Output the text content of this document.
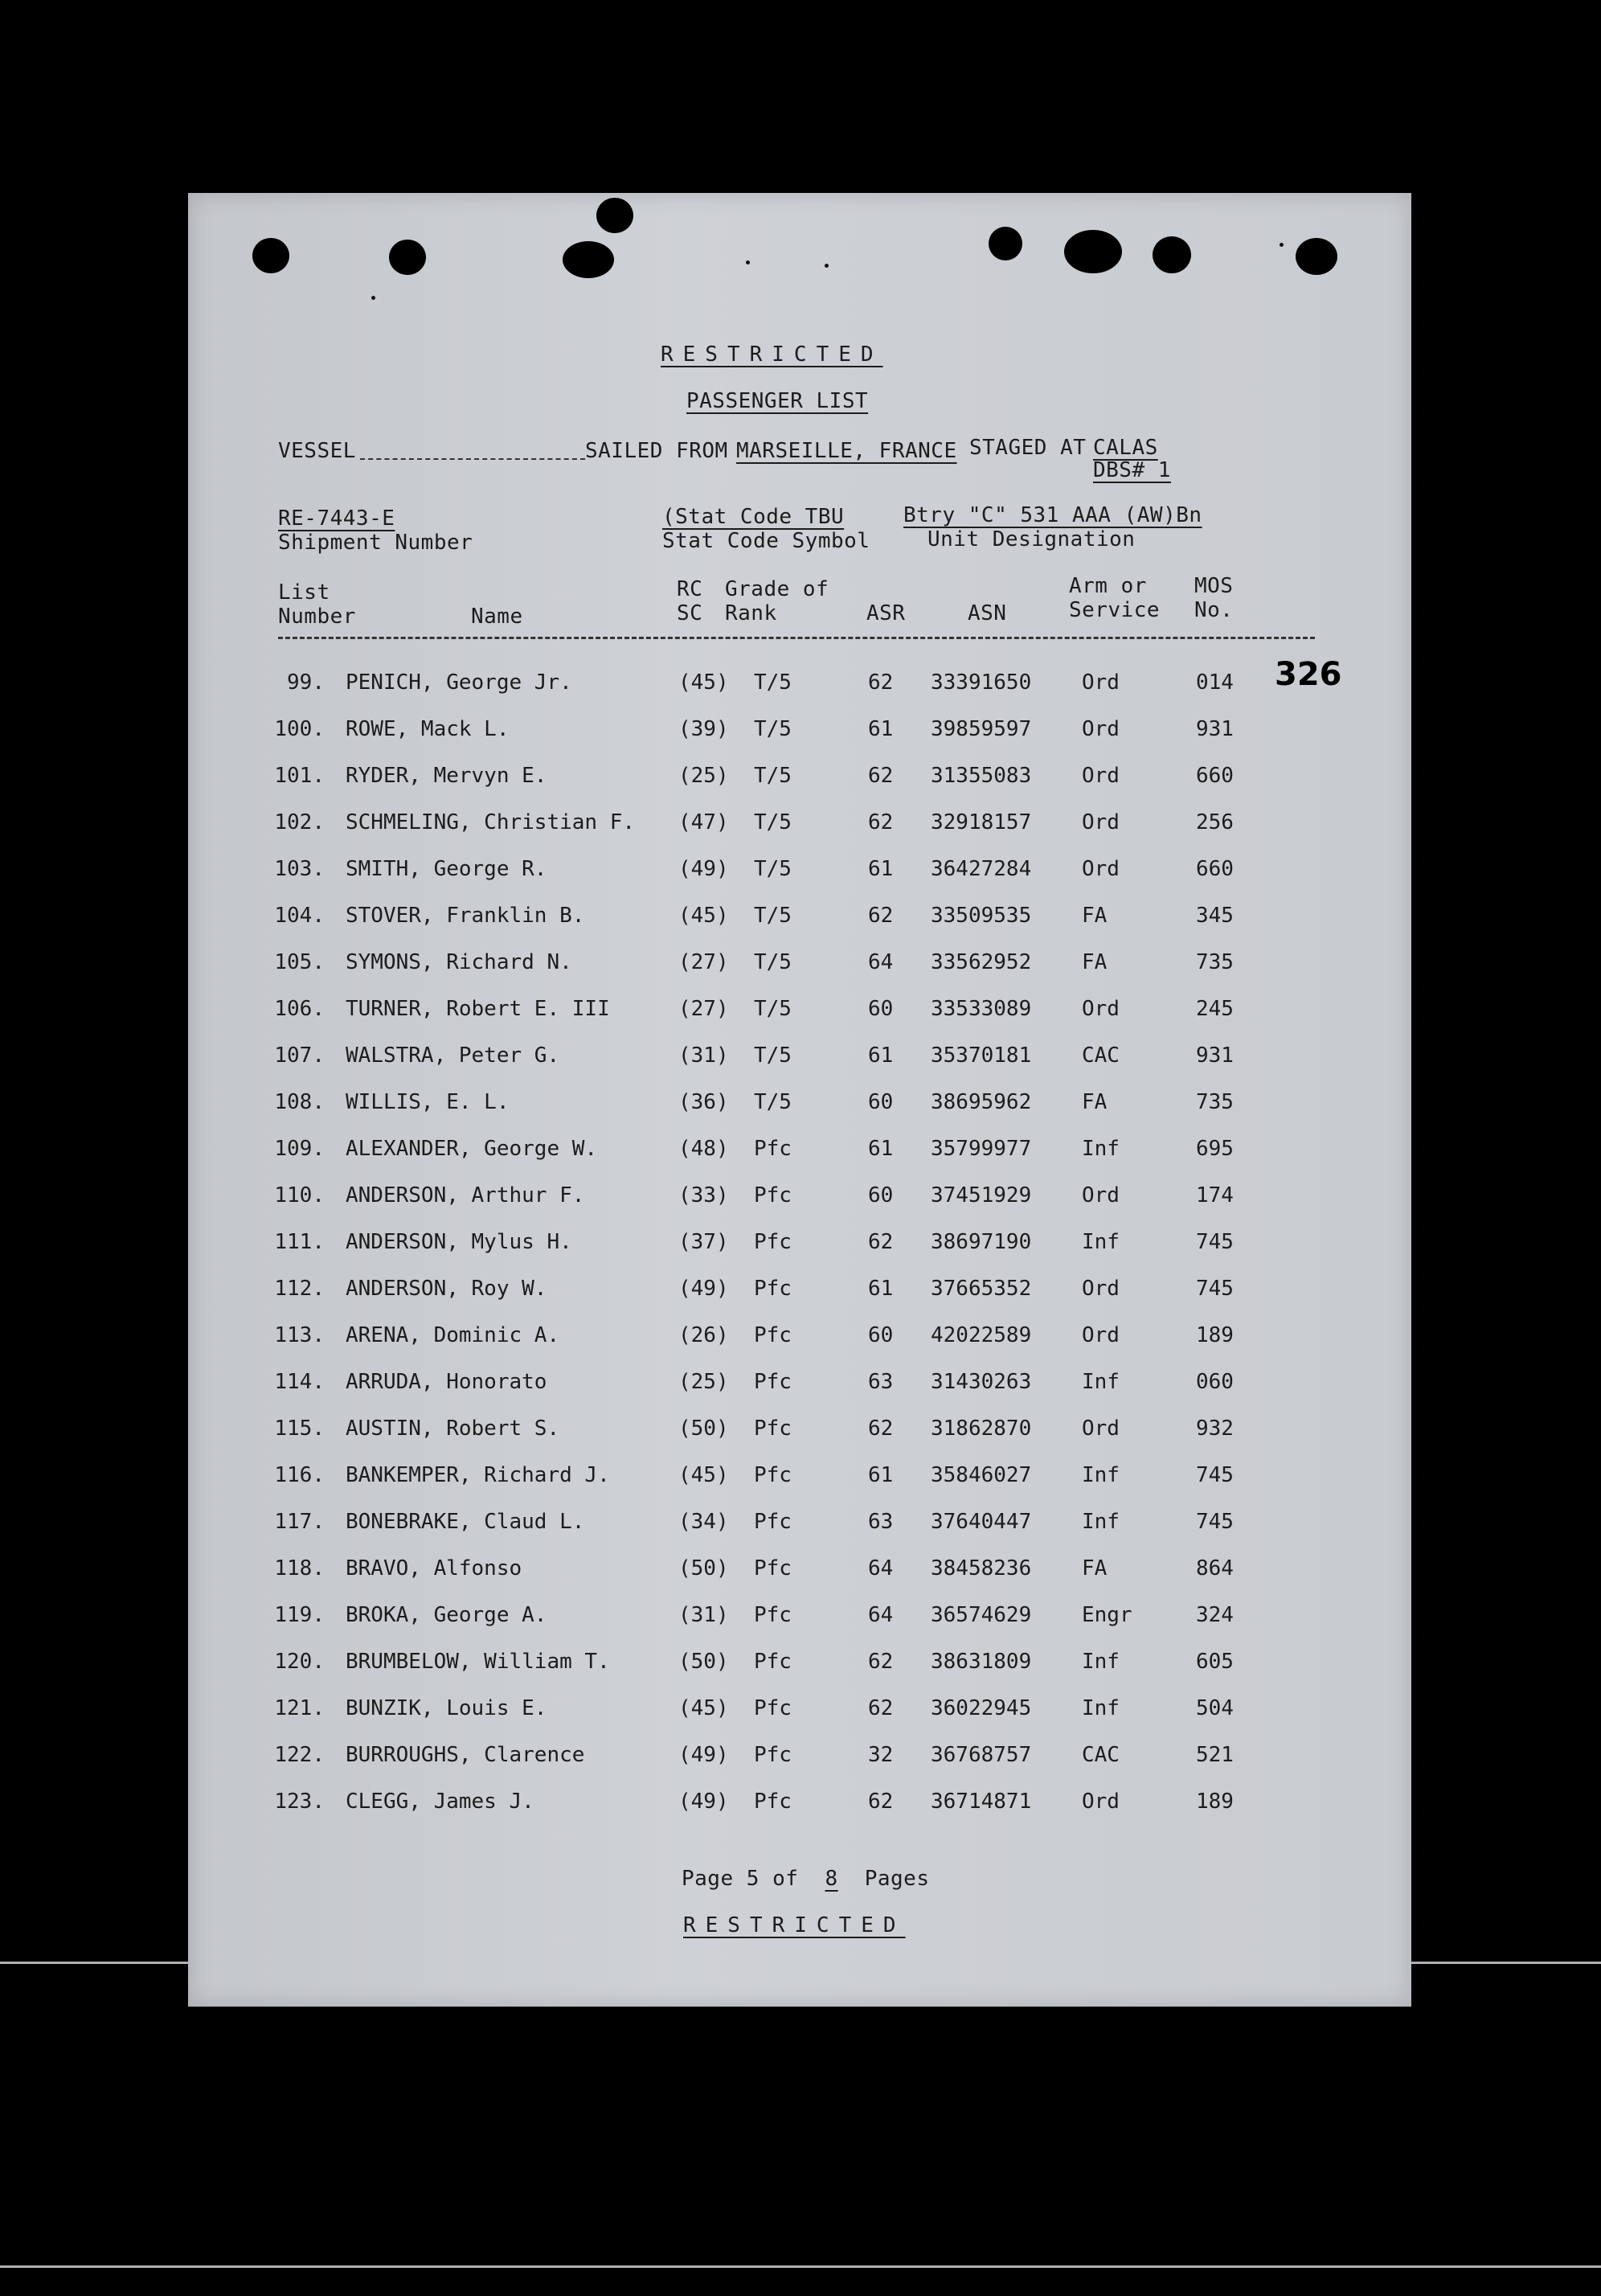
RESTRICTED
PASSENGER LIST
VESSEL	SAILED FROM MARSEILLE, FRANCE STAGED AT CALAS
DBS# 1
RE-7443-E
Shipment Number
(Stat Code TBU
Stat Code Symbol
Btry "C" 531 AAA (AW)Bn
Unit Designation
List
Number	Name
RC
SC
Grade of
Rank	ASR	ASN
Arm or
Service
MOS
No.
326
99. PENICH, George Jr.	(45) T/5	62 33391650 Ord	014
100. ROWE, Mack L.	(39) T/5	61 39859597 Ord	931
101. RYDER, Mervyn E.	(25) T/5	62 31355083 Ord	660
102. SCHMELING, Christian F. (47) T/5	62 32918157 Ord	256
103. SMITH, George R.	(49) T/5	61 36427284 Ord	660
104. STOVER, Franklin B.	(45) T/5	62 33509535 FA	345
105. SYMONS, Richard N.	(27) T/5	64 33562952 FA	735
106. TURNER, Robert E. III	(27) T/5	60 33533089 Ord	245
107. WALSTRA, Peter G.	(31) T/5	61 35370181 CAC	931
108. WILLIS, E. L.	(36) T/5	60 38695962 FA	735
109. ALEXANDER, George W.	(48) Pfc	61 35799977 Inf	695
110. ANDERSON, Arthur F.	(33) Pfc	60 37451929 Ord	174
111. ANDERSON, Mylus H.	(37) Pfc	62 38697190 Inf	745
112. ANDERSON, Roy W.	(49) Pfc	61 37665352 Ord	745
113. ARENA, Dominic A.	(26) Pfc	60 42022589 Ord	189
114. ARRUDA, Honorato	(25) Pfc	63 31430263 Inf	060
115. AUSTIN, Robert S.	(50) Pfc	62 31862870 Ord	932
116. BANKEMPER, Richard J.	(45) Pfc	61 35846027 Inf	745
117. BONEBRAKE, Claud L.	(34) Pfc	63 37640447 Inf	745
118. BRAVO, Alfonso	(50) Pfc	64 38458236 FA	864
119. BROKA, George A.	(31) Pfc	64 36574629 Engr	324
120. BRUMBELOW, William T.	(50) Pfc	62 38631809 Inf	605
121. BUNZIK, Louis E.	(45) Pfc	62 36022945 Inf	504
122. BURROUGHS, Clarence	(49) Pfc	32 36768757 CAC	521
123. CLEGG, James J.	(49) Pfc	62 36714871 Ord	189
Page 5 of 8 Pages
RESTRICTED
